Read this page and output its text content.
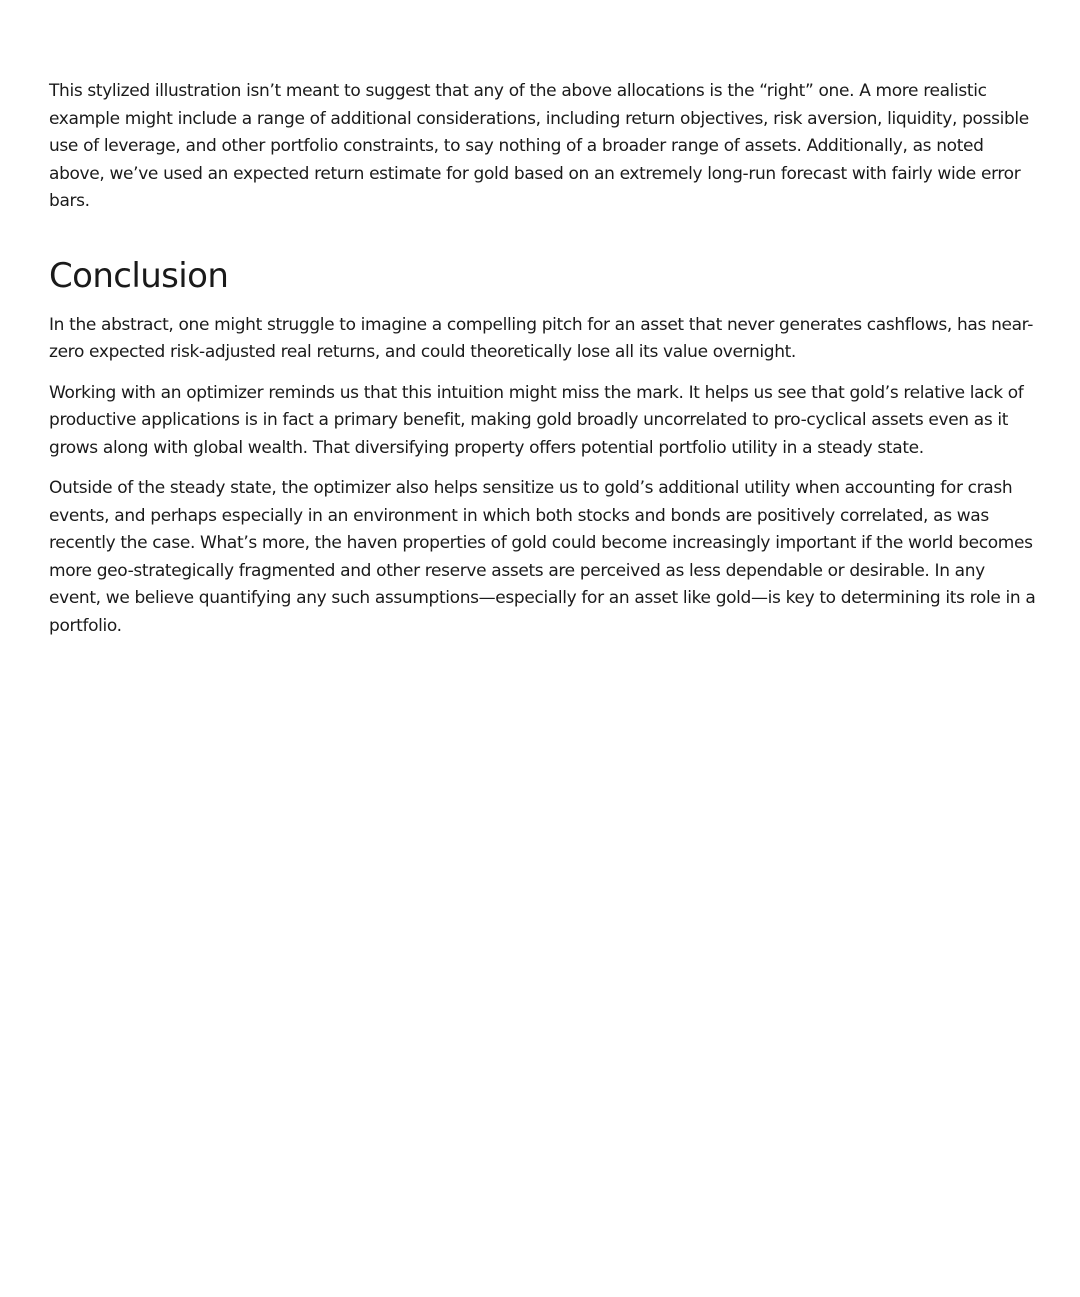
This stylized illustration isn’t meant to suggest that any of the above allocations is the “right” one. A more realistic example might include a range of additional considerations, including return objectives, risk aversion, liquidity, possible use of leverage, and other portfolio constraints, to say nothing of a broader range of assets. Additionally, as noted above, we’ve used an expected return estimate for gold based on an extremely long-run forecast with fairly wide error bars.

Conclusion

In the abstract, one might struggle to imagine a compelling pitch for an asset that never generates cashflows, has near-zero expected risk-adjusted real returns, and could theoretically lose all its value overnight.

Working with an optimizer reminds us that this intuition might miss the mark. It helps us see that gold’s relative lack of productive applications is in fact a primary benefit, making gold broadly uncorrelated to pro-cyclical assets even as it grows along with global wealth. That diversifying property offers potential portfolio utility in a steady state.

Outside of the steady state, the optimizer also helps sensitize us to gold’s additional utility when accounting for crash events, and perhaps especially in an environment in which both stocks and bonds are positively correlated, as was recently the case. What’s more, the haven properties of gold could become increasingly important if the world becomes more geo-strategically fragmented and other reserve assets are perceived as less dependable or desirable. In any event, we believe quantifying any such assumptions—especially for an asset like gold—is key to determining its role in a portfolio.
